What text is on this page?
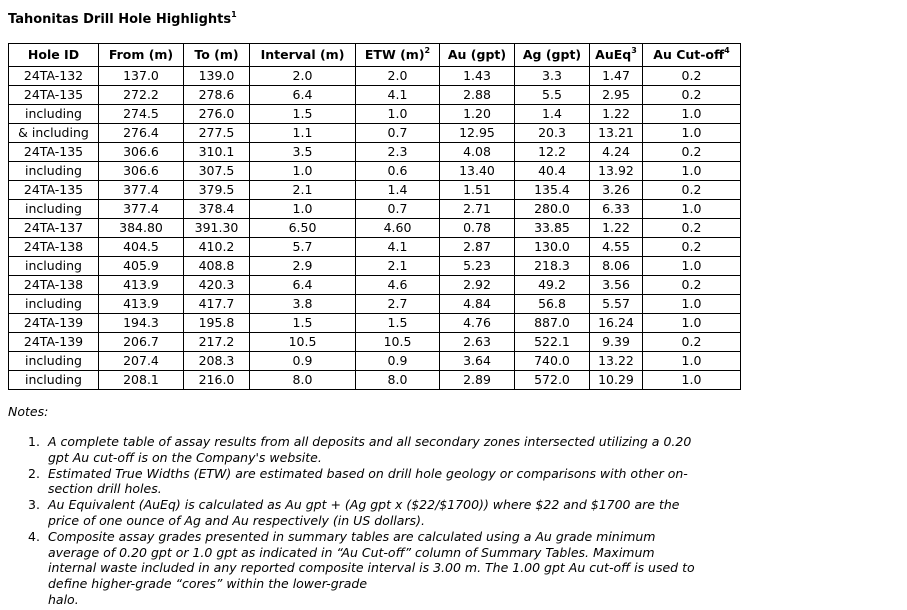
Tahonitas Drill Hole Highlights$^1$
Hole ID	From (m)	To (m)	Interval (m)	ETW $(m)^2$	Au (gpt)	Ag (gpt)	AuEq$^3$	Au Cut-off$^4$
24TA-132	137.0	139.0	2.0	2.0	1.43	3.3	1.47	0.2
24TA-135	272.2	278.6	6.4	4.1	2.88	5.5	2.95	0.2
including	274.5	276.0	1.5	1.0	1.20	1.4	1.22	1.0
& including	276.4	277.5	1.1	0.7	12.95	20.3	13.21	1.0
24TA-135	306.6	310.1	3.5	2.3	4.08	12.2	4.24	0.2
including	306.6	307.5	1.0	0.6	13.40	40.4	13.92	1.0
24TA-135	377.4	379.5	2.1	1.4	1.51	135.4	3.26	0.2
including	377.4	378.4	1.0	0.7	2.71	280.0	6.33	1.0
24TA-137	384.80	391.30	6.50	4.60	0.78	33.85	1.22	0.2
24TA-138	404.5	410.2	5.7	4.1	2.87	130.0	4.55	0.2
including	405.9	408.8	2.9	2.1	5.23	218.3	8.06	1.0
24TA-138	413.9	420.3	6.4	4.6	2.92	49.2	3.56	0.2
including	413.9	417.7	3.8	2.7	4.84	56.8	5.57	1.0
24TA-139	194.3	195.8	1.5	1.5	4.76	887.0	16.24	1.0
24TA-139	206.7	217.2	10.5	10.5	2.63	522.1	9.39	0.2
including	207.4	208.3	0.9	0.9	3.64	740.0	13.22	1.0
including	208.1	216.0	8.0	8.0	2.89	572.0	10.29	1.0
Notes:
1. A complete table of assay results from all deposits and all secondary zones intersected utilizing a 0.20
gpt Au cut-off is on the Company's website.
2. Estimated True Widths (ETW) are estimated based on drill hole geology or comparisons with other on-
section drill holes.
3. Au Equivalent (AuEq) is calculated as Au gpt + (Ag gpt x ($22/$1700)) where $22 and $1700 are the
price of one ounce of Ag and Au respectively (in US dollars).
4. Composite assay grades presented in summary tables are calculated using a Au grade minimum
average of 0.20 gpt or 1.0 gpt as indicated in “Au Cut-off” column of Summary Tables. Maximum
internal waste included in any reported composite interval is 3.00 m. The 1.00 gpt Au cut-off is used to
define higher-grade “cores” within the lower-grade
halo.
